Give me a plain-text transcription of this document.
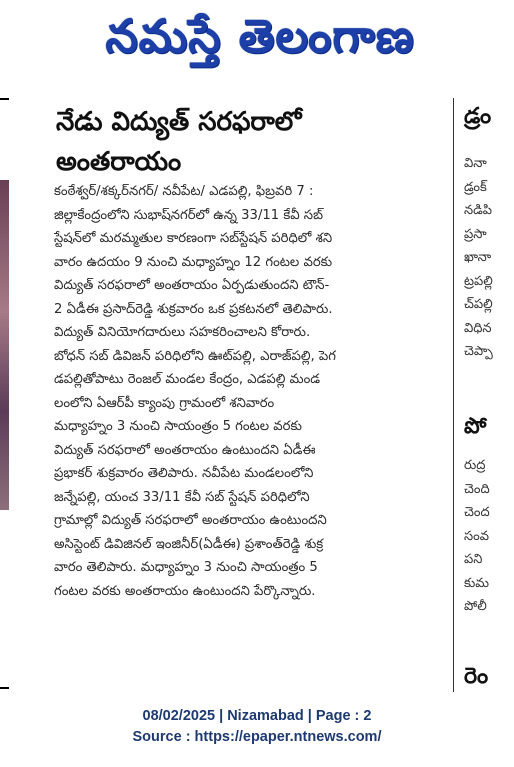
నమస్తే తెలంగాణ
నేడు విద్యుత్ సరఫరాలో
అంతరాయం

కంఠేశ్వర్/శక్కర్‌నగర్/ నవీపేట/ ఎడపల్లి, ఫిబ్రవరి 7 :

జిల్లాకేంద్రంలోని సుభాష్‌నగర్‌లో ఉన్న 33/11 కేవీ సబ్

స్టేషన్‌లో మరమ్మతుల కారణంగా సబ్‌స్టేషన్ పరిధిలో శని

వారం ఉదయం 9 నుంచి మధ్యాహ్నం 12 గంటల వరకు

విద్యుత్ సరఫరాలో అంతరాయం ఏర్పడుతుందని టౌన్-

2 ఏడీఈ ప్రసాద్‌రెడ్డి శుక్రవారం ఒక ప్రకటనలో తెలిపారు.

విద్యుత్ వినియోగదారులు సహకరించాలని కోరారు.

బోధన్ సబ్ డివిజన్ పరిధిలోని ఊట్‌పల్లి, ఎరాజ్‌పల్లి, పెగ

డపల్లితోపాటు రెంజల్ మండల కేంద్రం, ఎడపల్లి మండ

లంలోని ఏఆర్‌పీ క్యాంపు గ్రామంలో శనివారం

మధ్యాహ్నం 3 నుంచి సాయంత్రం 5 గంటల వరకు

విద్యుత్ సరఫరాలో అంతరాయం ఉంటుందని ఏడీఈ

ప్రభాకర్ శుక్రవారం తెలిపారు. నవీపేట మండలంలోని

జన్నేపల్లి, యంచ 33/11 కేవీ సబ్ స్టేషన్ పరిధిలోని

గ్రామాల్లో విద్యుత్ సరఫరాలో అంతరాయం ఉంటుందని

అసిస్టెంట్ డివిజినల్ ఇంజినీర్(ఏడీఈ) ప్రశాంత్‌రెడ్డి శుక్ర

వారం తెలిపారు. మధ్యాహ్నం 3 నుంచి సాయంత్రం 5

గంటల వరకు అంతరాయం ఉంటుందని పేర్కొన్నారు.

డ్రం
వినా
డ్రంక్
నడిపి
ప్రసా
ఖానా
ట్రపల్లి
చ్‌పల్లి
విధిన
చెప్పా
పో
రుద్ర
చెంది
చెంద
సంవ
పని
కుమ
పోలీ
రెం
08/02/2025 | Nizamabad | Page : 2
Source : https://epaper.ntnews.com/
